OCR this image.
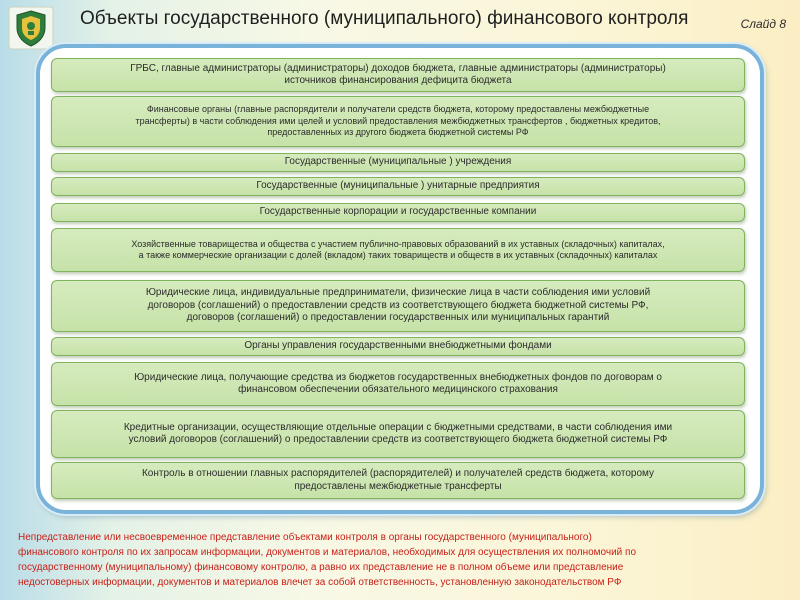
Объекты государственного (муниципального) финансового контроля	Слайд 8
ГРБС, главные администраторы (администраторы) доходов бюджета, главные администраторы (администраторы)
источников финансирования дефицита бюджета
Финансовые органы (главные распорядители и получатели средств бюджета, которому предоставлены межбюджетные
трансферты) в части соблюдения ими целей и условий предоставления межбюджетных трансфертов , бюджетных кредитов,
предоставленных из другого бюджета бюджетной системы РФ
Государственные (муниципальные ) учреждения
Государственные (муниципальные ) унитарные предприятия
Государственные корпорации и государственные компании
Хозяйственные товарищества и общества с участием публично-правовых образований в их уставных (складочных) капиталах,
а также коммерческие организации с долей (вкладом) таких товариществ и обществ в их уставных (складочных) капиталах
Юридические лица, индивидуальные предприниматели, физические лица в части соблюдения ими условий
договоров (соглашений) о предоставлении средств из соответствующего бюджета бюджетной системы РФ,
договоров (соглашений) о предоставлении государственных или муниципальных гарантий
Органы управления государственными внебюджетными фондами
Юридические лица, получающие средства из бюджетов государственных внебюджетных фондов по договорам о
финансовом обеспечении обязательного медицинского страхования
Кредитные организации, осуществляющие отдельные операции с бюджетными средствами, в части соблюдения ими
условий договоров (соглашений) о предоставлении средств из соответствующего бюджета бюджетной системы РФ
Контроль в отношении главных распорядителей (распорядителей) и получателей средств бюджета, которому
предоставлены межбюджетные трансферты
Непредставление или несвоевременное представление объектами контроля в органы государственного (муниципального)
финансового контроля по их запросам информации, документов и материалов, необходимых для осуществления их полномочий по
государственному (муниципальному) финансовому контролю, а равно их представление не в полном объеме или представление
недостоверных информации, документов и материалов влечет за собой ответственность, установленную законодательством РФ
